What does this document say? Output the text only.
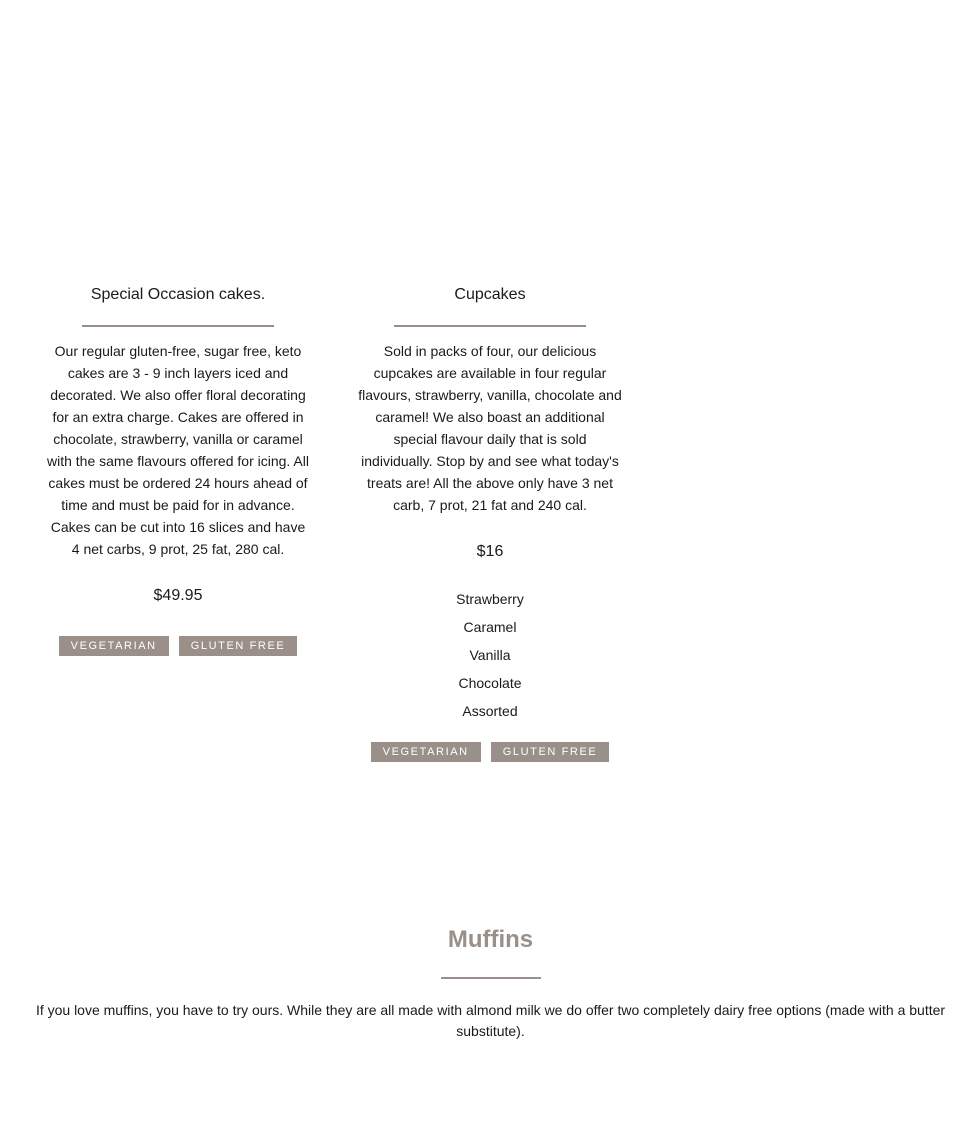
Special Occasion cakes.

Our regular gluten-free, sugar free, keto cakes are 3 - 9 inch layers iced and decorated. We also offer floral decorating for an extra charge. Cakes are offered in chocolate, strawberry, vanilla or caramel with the same flavours offered for icing. All cakes must be ordered 24 hours ahead of time and must be paid for in advance. Cakes can be cut into 16 slices and have 4 net carbs, 9 prot, 25 fat, 280 cal.

$49.95
VEGETARIAN	GLUTEN FREE
Cupcakes

Sold in packs of four, our delicious cupcakes are available in four regular flavours, strawberry, vanilla, chocolate and caramel! We also boast an additional special flavour daily that is sold individually. Stop by and see what today's treats are! All the above only have 3 net carb, 7 prot, 21 fat and 240 cal.

$16
Strawberry
Caramel
Vanilla
Chocolate
Assorted
VEGETARIAN	GLUTEN FREE
Muffins

If you love muffins, you have to try ours. While they are all made with almond milk we do offer two completely dairy free options (made with a butter substitute).
